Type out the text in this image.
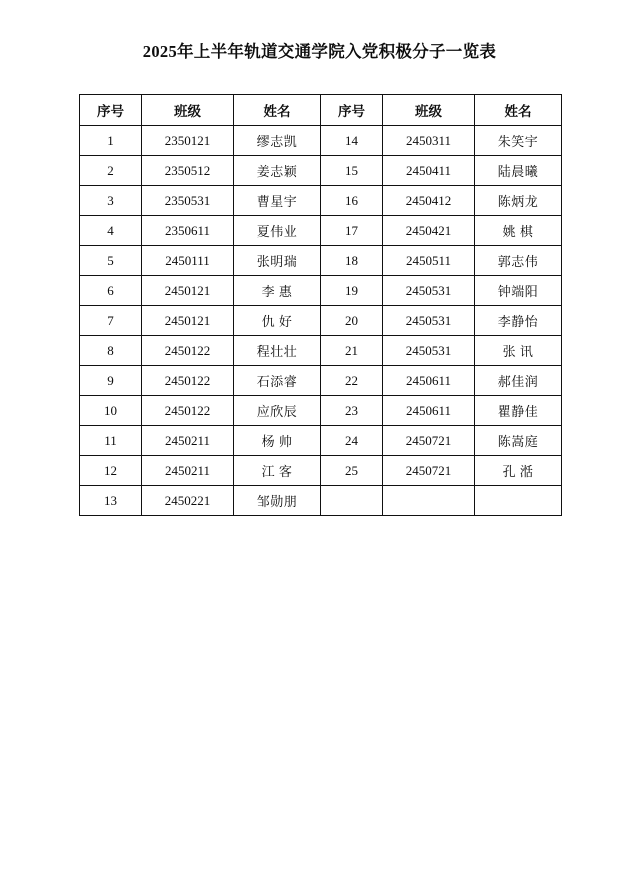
2025年上半年轨道交通学院入党积极分子一览表
序号	班级	姓名	序号	班级	姓名
1	2350121	缪志凯	14	2450311	朱笑宇
2	2350512	姜志颖	15	2450411	陆晨曦
3	2350531	曹星宇	16	2450412	陈炳龙
4	2350611	夏伟业	17	2450421	姚 棋
5	2450111	张明瑞	18	2450511	郭志伟
6	2450121	李 惠	19	2450531	钟端阳
7	2450121	仇 好	20	2450531	李静怡
8	2450122	程壮壮	21	2450531	张 讯
9	2450122	石添睿	22	2450611	郝佳润
10	2450122	应欣辰	23	2450611	瞿静佳
11	2450211	杨 帅	24	2450721	陈嵩庭
12	2450211	江 客	25	2450721	孔 湉
13	2450221	邹勋朋			
